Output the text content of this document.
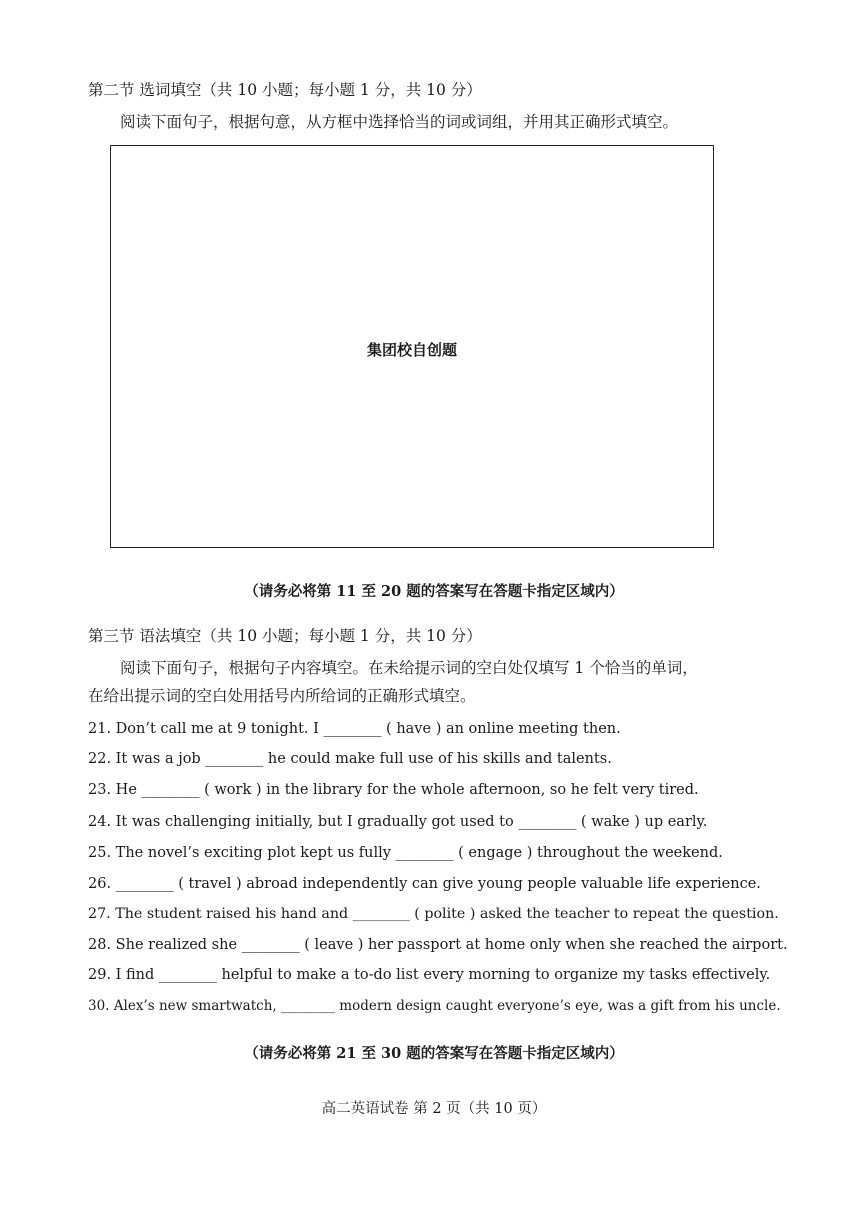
第二节 选词填空（共 10 小题；每小题 1 分，共 10 分）
阅读下面句子，根据句意，从方框中选择恰当的词或词组，并用其正确形式填空。
集团校自创题
（请务必将第 11 至 20 题的答案写在答题卡指定区域内）
第三节 语法填空（共 10 小题；每小题 1 分，共 10 分）
阅读下面句子，根据句子内容填空。在未给提示词的空白处仅填写 1 个恰当的单词，
在给出提示词的空白处用括号内所给词的正确形式填空。
21. Don’t call me at 9 tonight. I ________ ( have ) an online meeting then.
22. It was a job ________ he could make full use of his skills and talents.
23. He ________ ( work ) in the library for the whole afternoon, so he felt very tired.
24. It was challenging initially, but I gradually got used to ________ ( wake ) up early.
25. The novel’s exciting plot kept us fully ________ ( engage ) throughout the weekend.
26. ________ ( travel ) abroad independently can give young people valuable life experience.
27. The student raised his hand and ________ ( polite ) asked the teacher to repeat the question.
28. She realized she ________ ( leave ) her passport at home only when she reached the airport.
29. I find ________ helpful to make a to-do list every morning to organize my tasks effectively.
30. Alex’s new smartwatch, ________ modern design caught everyone’s eye, was a gift from his uncle.
（请务必将第 21 至 30 题的答案写在答题卡指定区域内）
高二英语试卷 第 2 页（共 10 页）
